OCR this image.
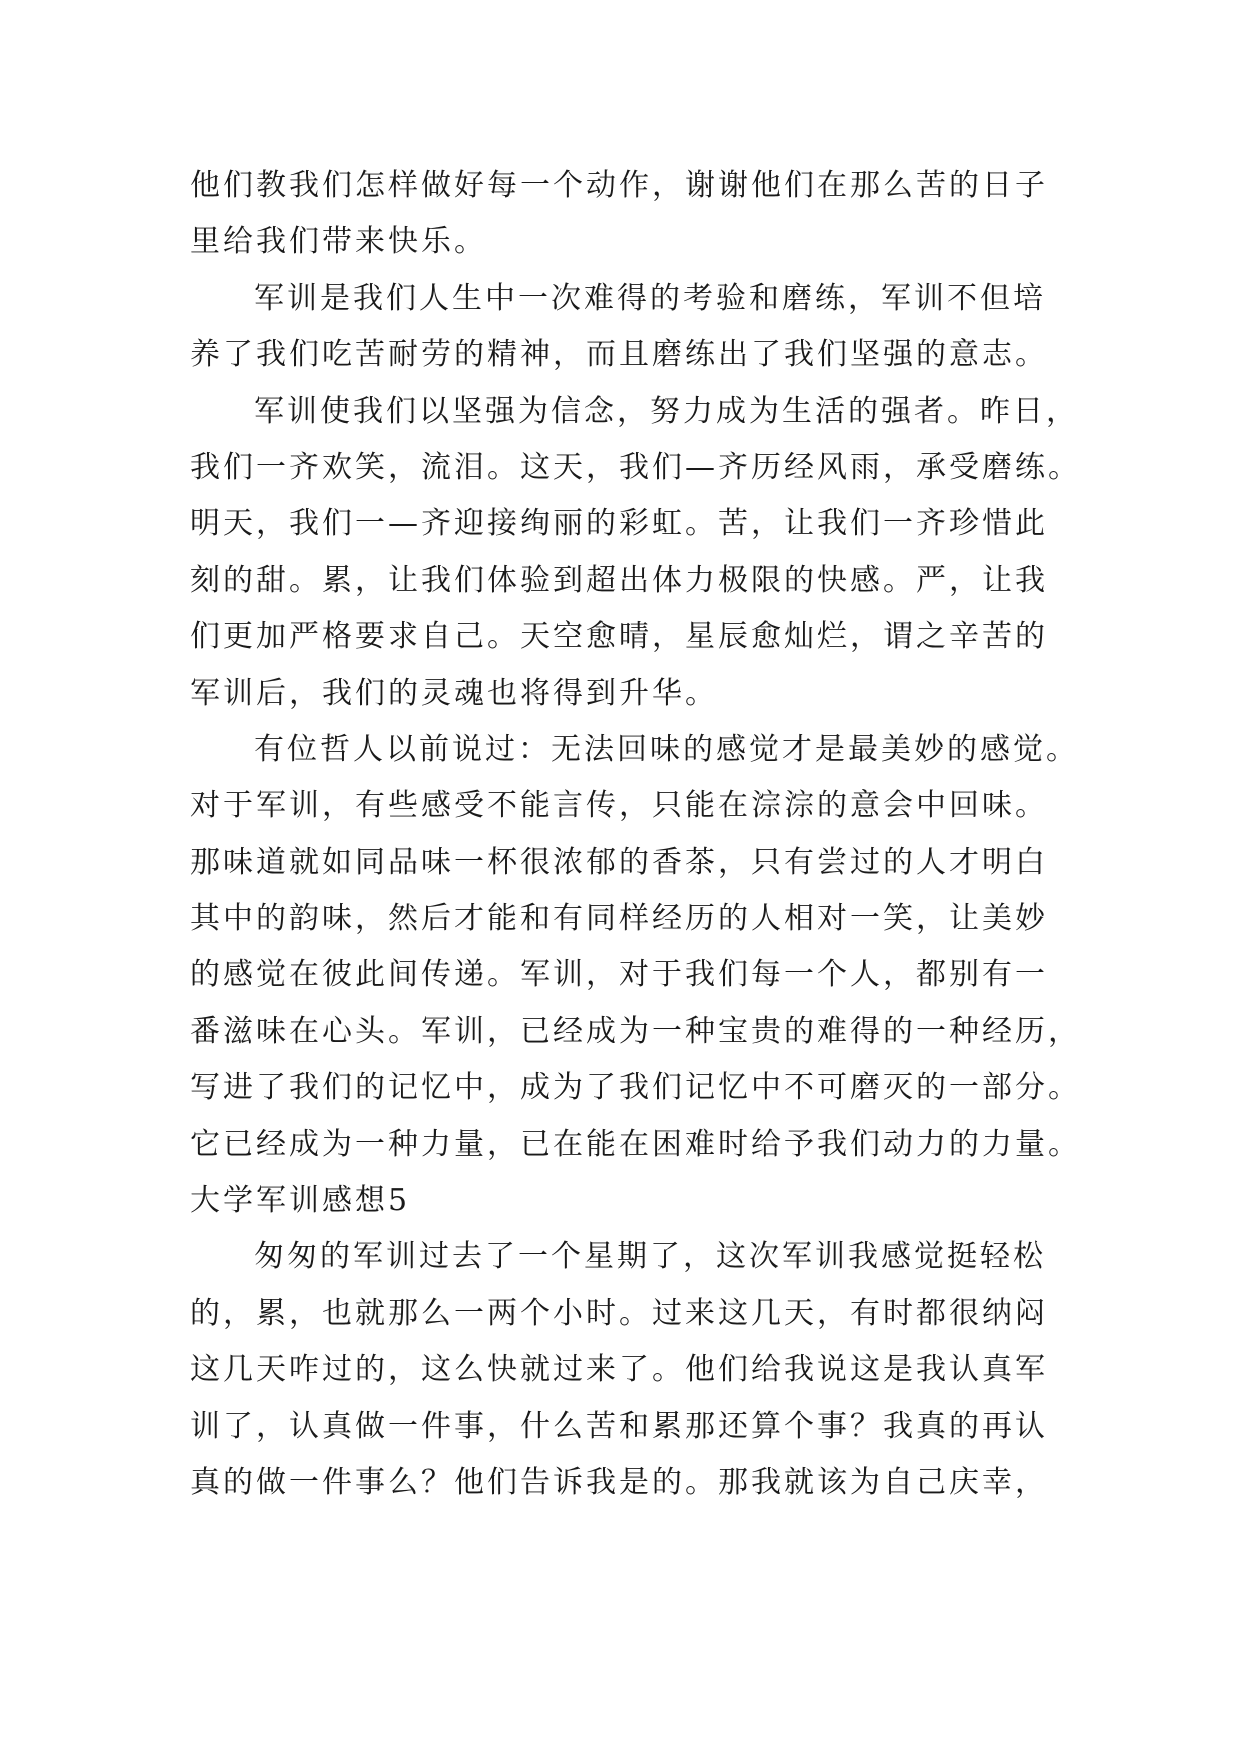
他们教我们怎样做好每一个动作，谢谢他们在那么苦的日子
里给我们带来快乐。
军训是我们人生中一次难得的考验和磨练，军训不但培
养了我们吃苦耐劳的精神，而且磨练出了我们坚强的意志。
军训使我们以坚强为信念，努力成为生活的强者。昨日，
我们一齐欢笑，流泪。这天，我们—齐历经风雨，承受磨练。
明天，我们一—齐迎接绚丽的彩虹。苦，让我们一齐珍惜此
刻的甜。累，让我们体验到超出体力极限的快感。严，让我
们更加严格要求自己。天空愈晴，星辰愈灿烂，谓之辛苦的
军训后，我们的灵魂也将得到升华。
有位哲人以前说过：无法回味的感觉才是最美妙的感觉。
对于军训，有些感受不能言传，只能在淙淙的意会中回味。
那味道就如同品味一杯很浓郁的香茶，只有尝过的人才明白
其中的韵味，然后才能和有同样经历的人相对一笑，让美妙
的感觉在彼此间传递。军训，对于我们每一个人，都别有一
番滋味在心头。军训，已经成为一种宝贵的难得的一种经历，
写进了我们的记忆中，成为了我们记忆中不可磨灭的一部分。
它已经成为一种力量，已在能在困难时给予我们动力的力量。
大学军训感想5
匆匆的军训过去了一个星期了，这次军训我感觉挺轻松
的，累，也就那么一两个小时。过来这几天，有时都很纳闷
这几天咋过的，这么快就过来了。他们给我说这是我认真军
训了，认真做一件事，什么苦和累那还算个事？我真的再认
真的做一件事么？他们告诉我是的。那我就该为自己庆幸，
